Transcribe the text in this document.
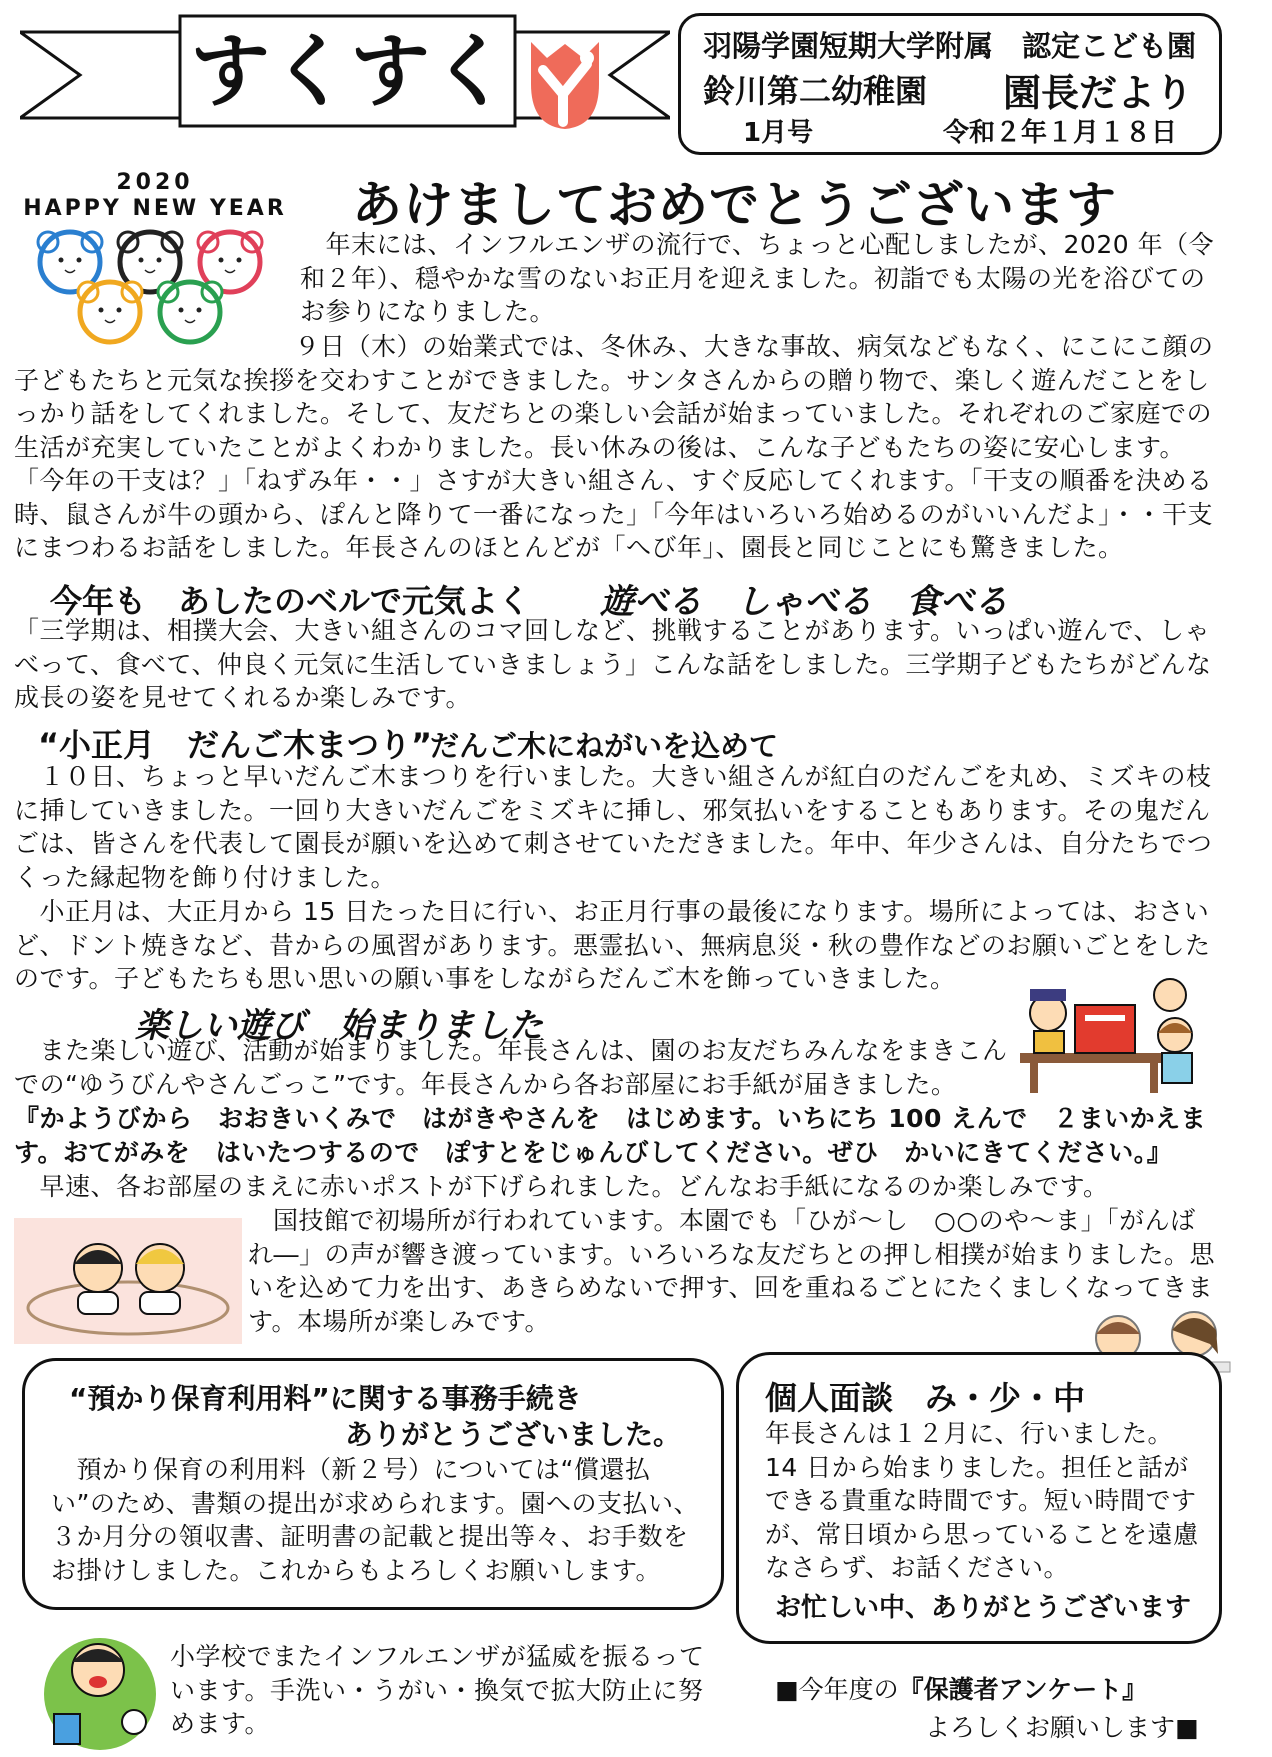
すくすく	羽陽学園短期大学附属　認定こども園
鈴川第二幼稚園 園長だより
1月号	令和２年１月１８日
2020
HAPPY NEW YEAR あけましておめでとうございます

　年末には、インフルエンザの流行で、ちょっと心配しましたが、2020 年（令和２年）、穏やかな雪のないお正月を迎えました。初詣でも太陽の光を浴びてのお参りになりました。

　　　　　　　　　　　９日（木）の始業式では、冬休み、大きな事故、病気などもなく、にこにこ顔の子どもたちと元気な挨拶を交わすことができました。サンタさんからの贈り物で、楽しく遊んだことをしっかり話をしてくれました。そして、友だちとの楽しい会話が始まっていました。それぞれのご家庭での生活が充実していたことがよくわかりました。長い休みの後は、こんな子どもたちの姿に安心します。「今年の干支は？」「ねずみ年・・」さすが大きい組さん、すぐ反応してくれます。「干支の順番を決める時、鼠さんが牛の頭から、ぽんと降りて一番になった」「今年はいろいろ始めるのがいいんだよ」・・干支にまつわるお話をしました。年長さんのほとんどが「へび年」、園長と同じことにも驚きました。

今年も　あしたのベルで元気よく 遊べる　しゃべる　食べる

「三学期は、相撲大会、大きい組さんのコマ回しなど、挑戦することがあります。いっぱい遊んで、しゃべって、食べて、仲良く元気に生活していきましょう」こんな話をしました。三学期子どもたちがどんな成長の姿を見せてくれるか楽しみです。

“小正月　だんご木まつり”
だんご木にねがいを込めて

　１０日、ちょっと早いだんご木まつりを行いました。大きい組さんが紅白のだんごを丸め、ミズキの枝に挿していきました。一回り大きいだんごをミズキに挿し、邪気払いをすることもあります。その鬼だんごは、皆さんを代表して園長が願いを込めて刺させていただきました。年中、年少さんは、自分たちでつくった縁起物を飾り付けました。

　小正月は、大正月から 15 日たった日に行い、お正月行事の最後になります。場所によっては、おさいど、ドント焼きなど、昔からの風習があります。悪霊払い、無病息災・秋の豊作などのお願いごとをしたのです。子どもたちも思い思いの願い事をしながらだんご木を飾っていきました。

楽しい遊び　始まりました

　また楽しい遊び、活動が始まりました。年長さんは、園のお友だちみんなをまきこんでの“ゆうびんやさんごっこ”です。年長さんから各お部屋にお手紙が届きました。

『かようびから　おおきいくみで　はがきやさんを　はじめます。いちにち 100 えんで　２まいかえます。おてがみを　はいたつするので　ぽすとをじゅんびしてください。ぜひ　かいにきてください。』

　早速、各お部屋のまえに赤いポストが下げられました。どんなお手紙になるのか楽しみです。

国技館で初場所が行われています。本園でも「ひが～し　○○のや～ま」「がんばれ―」の声が響き渡っています。いろいろな友だちとの押し相撲が始まりました。思いを込めて力を出す、あきらめないで押す、回を重ねるごとにたくましくなってきます。本場所が楽しみです。

“預かり保育利用料”に関する事務手続き
ありがとうございました。

　預かり保育の利用料（新２号）については“償還払い”のため、書類の提出が求められます。園への支払い、３か月分の領収書、証明書の記載と提出等々、お手数をお掛けしました。これからもよろしくお願いします。

個人面談　み・少・中

年長さんは１２月に、行いました。14 日から始まりました。担任と話ができる貴重な時間です。短い時間ですが、常日頃から思っていることを遠慮なさらず、お話ください。

お忙しい中、ありがとうございます

小学校でまたインフルエンザが猛威を振るっています。手洗い・うがい・換気で拡大防止に努めます。

■今年度の『保護者アンケート』
よろしくお願いします■
